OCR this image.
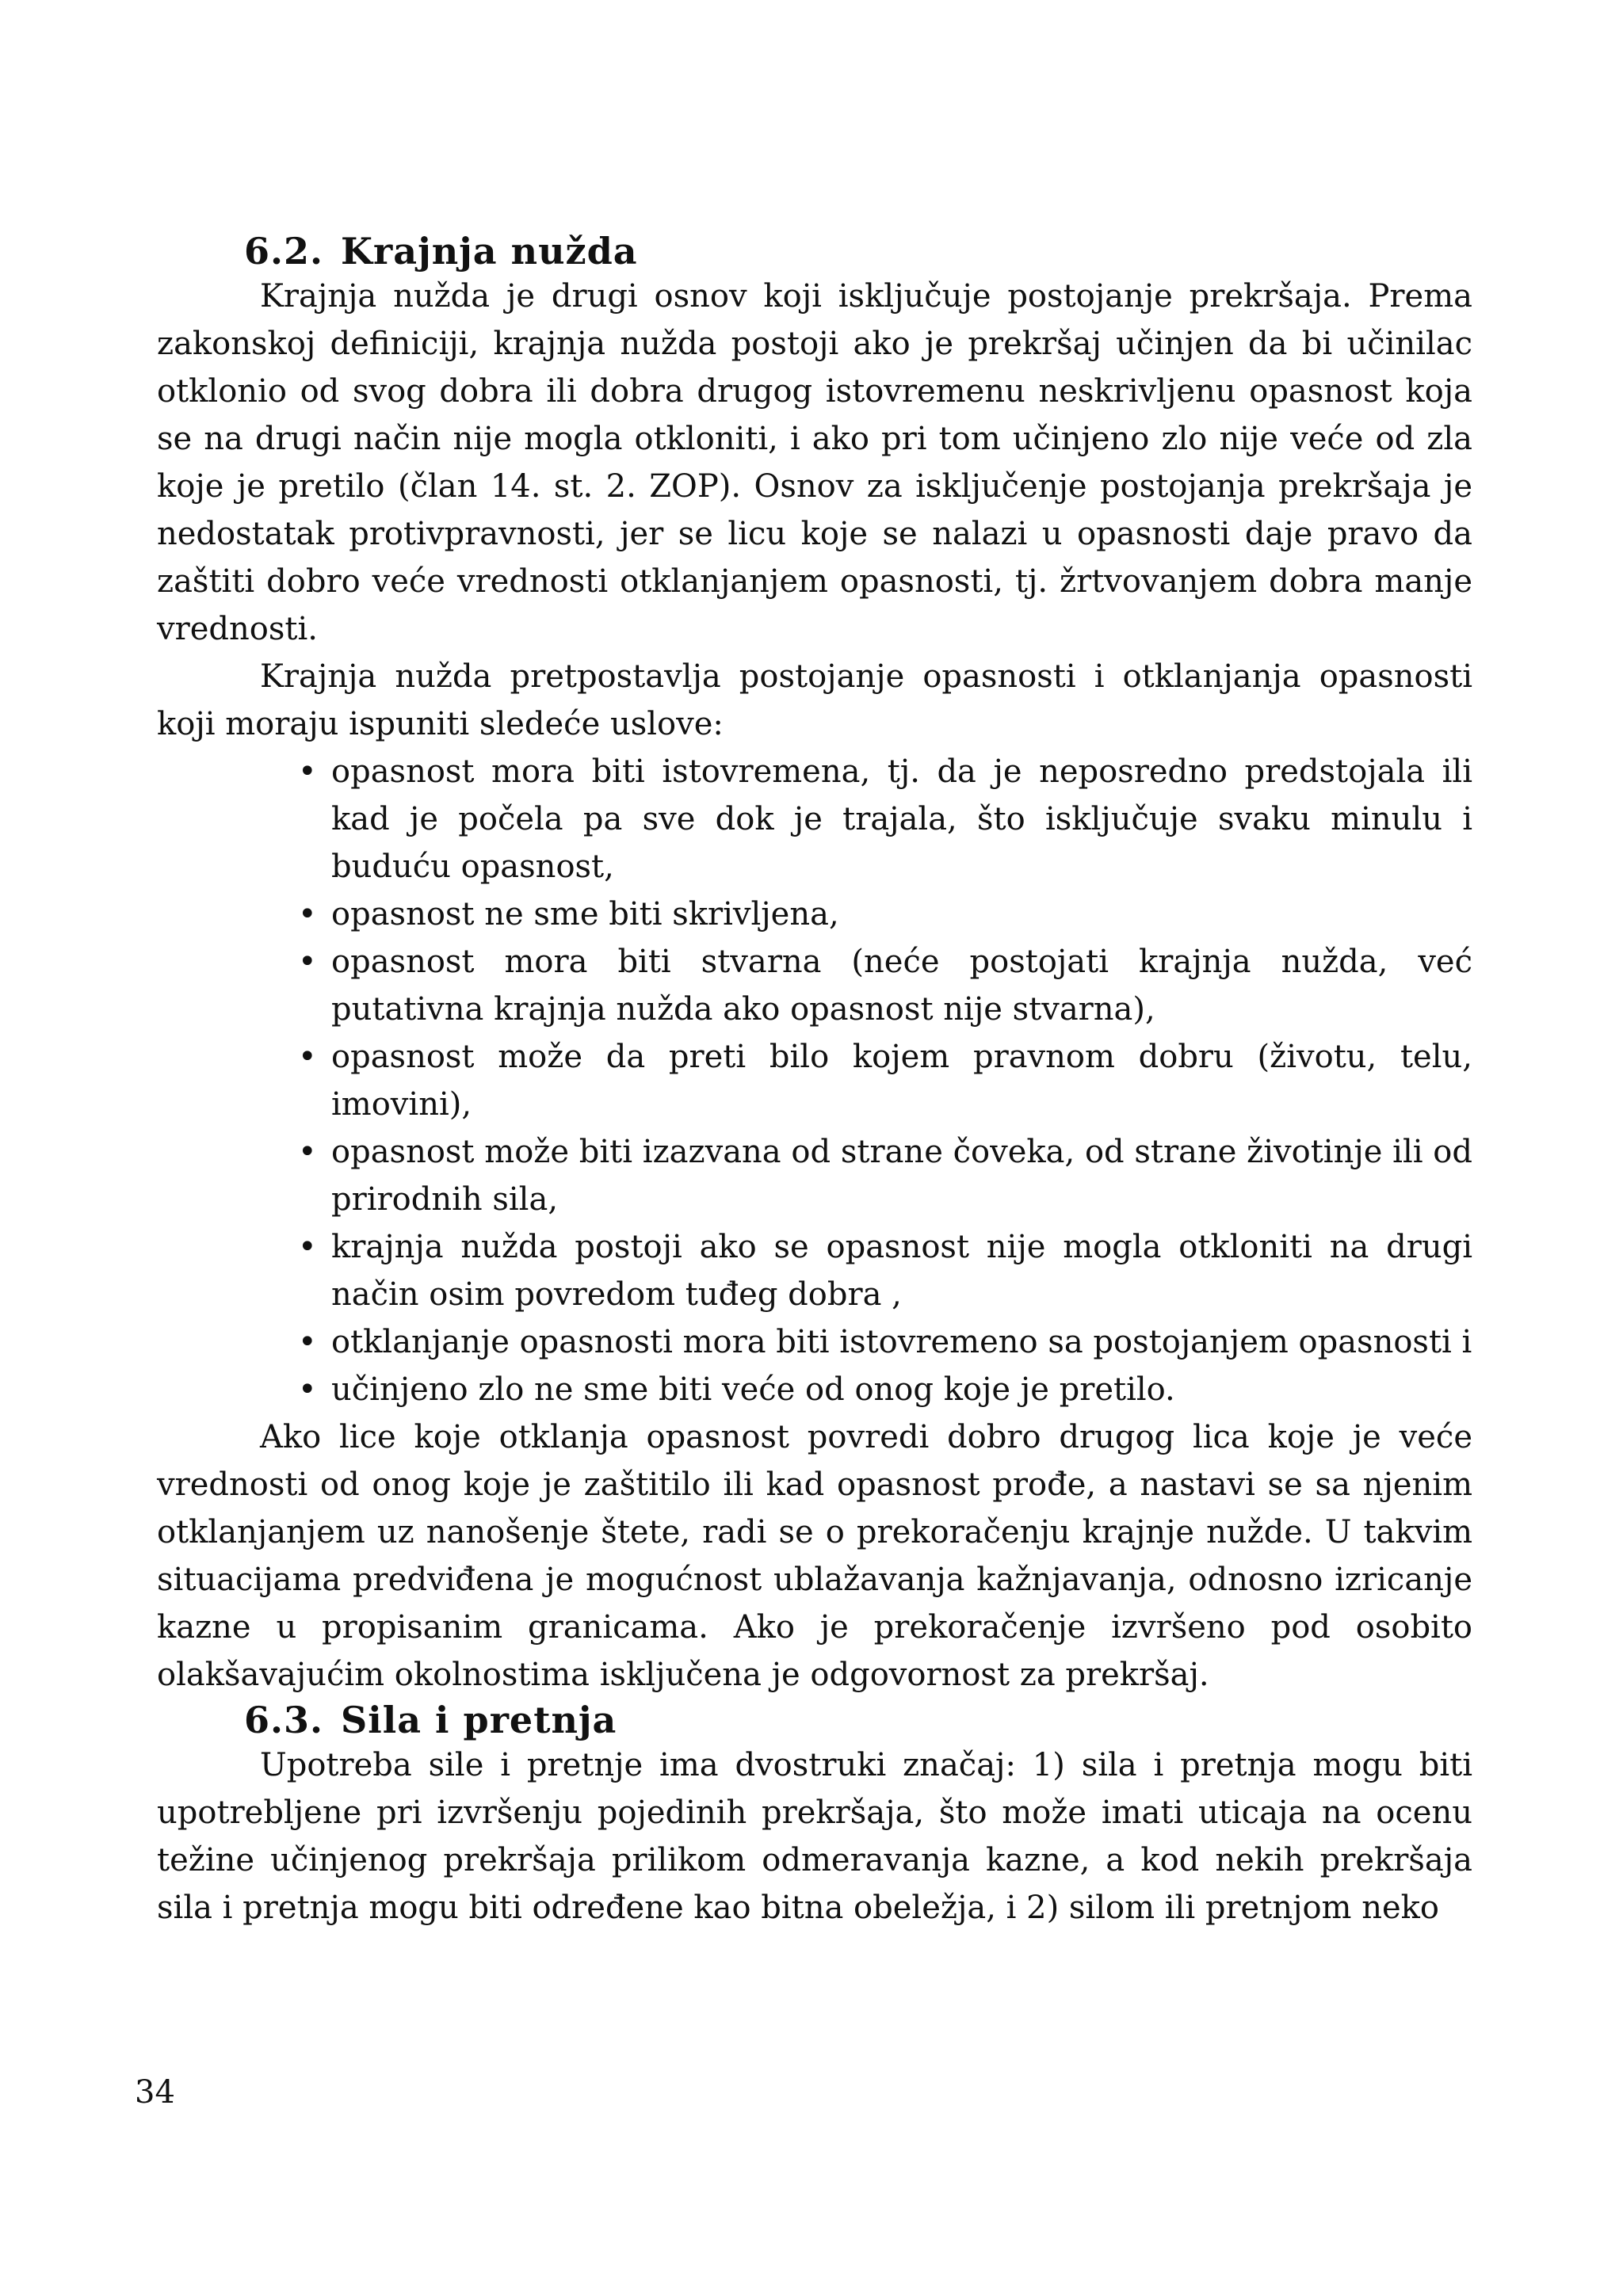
6.2. Krajnja nužda

Krajnja nužda je drugi osnov koji isključuje postojanje prekršaja. Prema zakonskoj definiciji, krajnja nužda postoji ako je prekršaj učinjen da bi učinilac otklonio od svog dobra ili dobra drugog istovremenu neskrivljenu opasnost koja se na drugi način nije mogla otkloniti, i ako pri tom učinjeno zlo nije veće od zla koje je pretilo (član 14. st. 2. ZOP). Osnov za isključenje postojanja prekršaja je nedostatak protivpravnosti, jer se licu koje se nalazi u opasnosti daje pravo da zaštiti dobro veće vrednosti otklanjanjem opasnosti, tj. žrtvovanjem dobra manje vrednosti.

Krajnja nužda pretpostavlja postojanje opasnosti i otklanjanja opasnosti koji moraju ispuniti sledeće uslove:

• opasnost mora biti istovremena, tj. da je neposredno predstojala ili kad je počela pa sve dok je trajala, što isključuje svaku minulu i buduću opasnost,
• opasnost ne sme biti skrivljena,
• opasnost mora biti stvarna (neće postojati krajnja nužda, već putativna krajnja nužda ako opasnost nije stvarna),
• opasnost može da preti bilo kojem pravnom dobru (životu, telu, imovini),
• opasnost može biti izazvana od strane čoveka, od strane životinje ili od prirodnih sila,
• krajnja nužda postoji ako se opasnost nije mogla otkloniti na drugi način osim povredom tuđeg dobra ,
• otklanjanje opasnosti mora biti istovremeno sa postojanjem opasnosti i
• učinjeno zlo ne sme biti veće od onog koje je pretilo.

Ako lice koje otklanja opasnost povredi dobro drugog lica koje je veće vrednosti od onog koje je zaštitilo ili kad opasnost prođe, a nastavi se sa njenim otklanjanjem uz nanošenje štete, radi se o prekoračenju krajnje nužde. U takvim situacijama predviđena je mogućnost ublažavanja kažnjavanja, odnosno izricanje kazne u propisanim granicama. Ako je prekoračenje izvršeno pod osobito olakšavajućim okolnostima isključena je odgovornost za prekršaj.

6.3. Sila i pretnja

Upotreba sile i pretnje ima dvostruki značaj: 1) sila i pretnja mogu biti upotrebljene pri izvršenju pojedinih prekršaja, što može imati uticaja na ocenu težine učinjenog prekršaja prilikom odmeravanja kazne, a kod nekih prekršaja sila i pretnja mogu biti određene kao bitna obeležja, i 2) silom ili pretnjom neko

34
